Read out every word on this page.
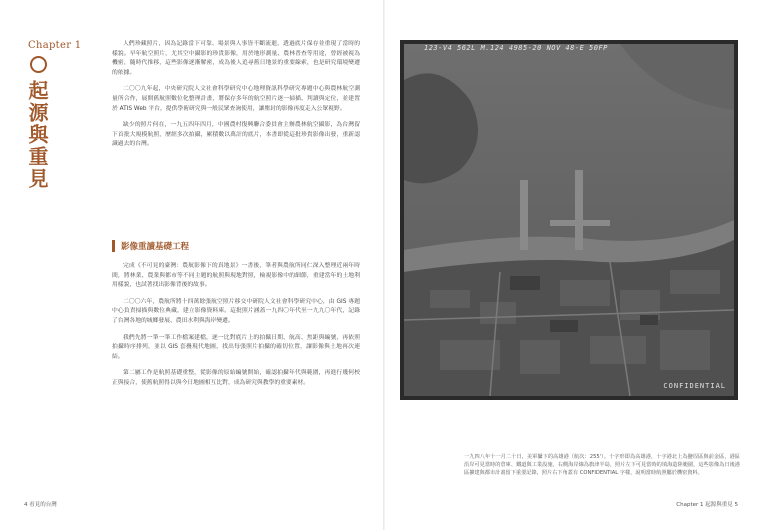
Chapter 1
起源與重見

人們珍藏照片，因為記錄當下可靠、場景與人事皆不斷流逝，透過底片保存並重現了當時的樣貌。早年航空照片，尤其空中攝影的珍貴影像，用於地形測量、農林普查等用途，曾經被視為機密，隨時代推移，這些影像逐漸解密，成為後人追尋舊日地景的重要線索，也是研究環境變遷的依據。

二〇〇九年起，中央研究院人文社會科學研究中心地理資訊科學研究專題中心與農林航空測量所合作，展開舊航照數位化整理計畫，將保存多年的航空照片逐一掃描、判讀與定位，並建置於 ATIS Web 平台，提供學術研究與一般民眾查詢使用，讓塵封的影像再度走入公眾視野。

缺少的照片何在，一九五四年四月，中國農村復興聯合委員會主辦農林航空攝影，為台灣留下首批大規模航照，歷經多次拍攝，累積數以萬計的底片，本書即從這批珍貴影像出發，重新認識過去的台灣。

影像重讀基礎工程

完成《不可見的臺灣：農航影像下的真地景》一書後，筆者與農航所同仁深入整理近兩年時間，將林業、農業與都市等不同主題的航照與現地對照，檢視影像中的細節，重建當年的土地利用樣貌，也試著找出影像背後的故事。

二〇〇六年，農航所將十四萬餘張航空照片移交中研院人文社會科學研究中心，由 GIS 專題中心負責掃描與數位典藏，建立影像資料庫。這批照片涵蓋一九四〇年代至一九九〇年代，記錄了台灣各地的城鄉發展、農田水利與海岸變遷。

我們先將一筆一筆工作檔案建檔，逐一比對底片上的拍攝日期、航高、焦距與編號，再依照拍攝時序排列，並以 GIS 套疊現代地圖，找出每張照片拍攝的確切位置，讓影像與土地再次連結。

第二屬工作是航照基礎重整，從影像的原始編號開始，確認拍攝年代與範圍，再進行幾何校正與接合，使舊航照得以與今日地圖相互比對，成為研究與教學的重要素材。

4 看見的台灣
123-V4 562L M.124 4985-20 NOV 48-E 50FP
CONFIDENTIAL
一九四八年十一月二十日，美軍攝下的高雄港（航次：255'）。十字形即為高雄港，十字港北上為鹽埕區與前金區，港區沿岸可見當時的倉庫、鐵道與工業設施，右側海岸線為旗津半島，照片左下可見當時的填海造陸範圍，這些影像為日後港區擴建與都市計畫留下重要記錄，照片右下角蓋有 CONFIDENTIAL 字樣，說明當時航照屬於機密資料。
Chapter 1 起源與重見 5
